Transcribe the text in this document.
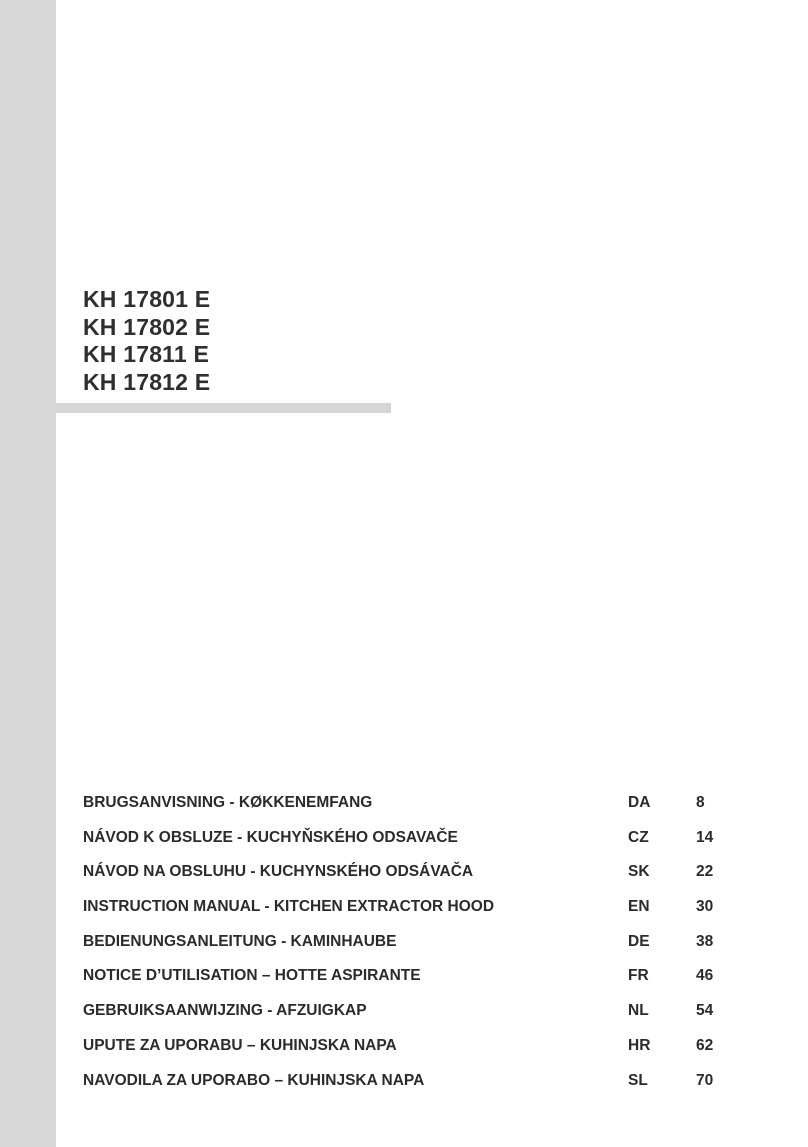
KH 17801 E
KH 17802 E
KH 17811 E
KH 17812 E
BRUGSANVISNING - KØKKENEMFANG	DA	8
NÁVOD K OBSLUZE - KUCHYŇSKÉHO ODSAVAČE	CZ	14
NÁVOD NA OBSLUHU - KUCHYNSKÉHO ODSÁVAČA	SK	22
INSTRUCTION MANUAL - KITCHEN EXTRACTOR HOOD	EN	30
BEDIENUNGSANLEITUNG - KAMINHAUBE	DE	38
NOTICE D’UTILISATION – HOTTE ASPIRANTE	FR	46
GEBRUIKSAANWIJZING - AFZUIGKAP	NL	54
UPUTE ZA UPORABU – KUHINJSKA NAPA	HR	62
NAVODILA ZA UPORABO – KUHINJSKA NAPA	SL	70
